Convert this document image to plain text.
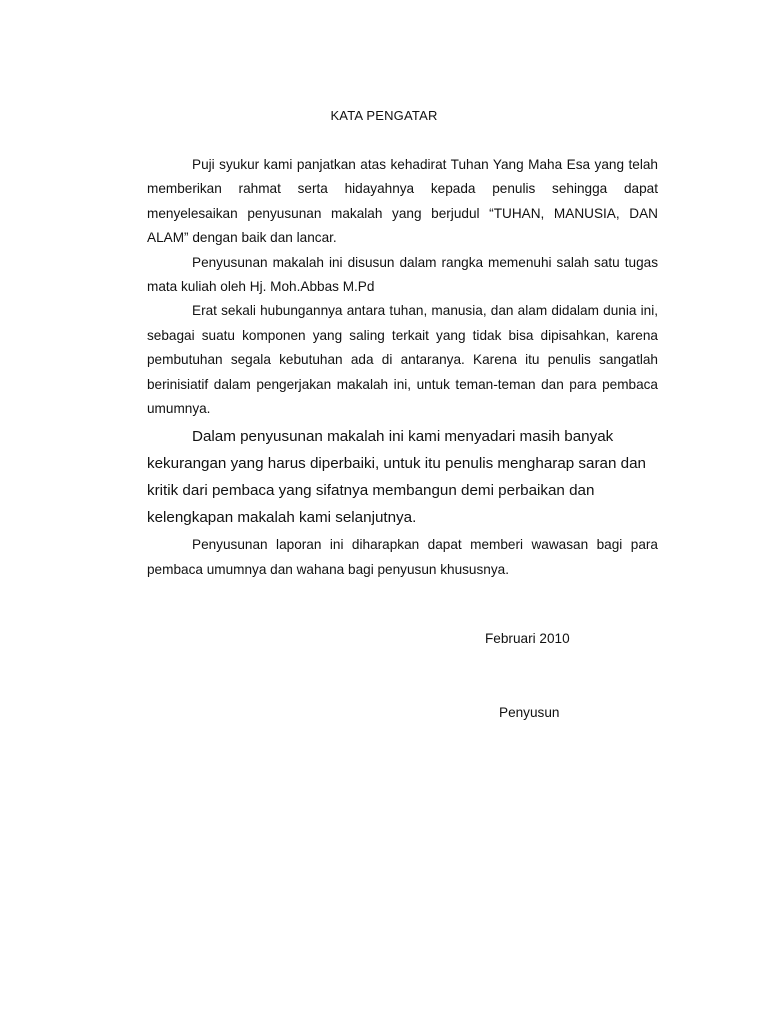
KATA PENGATAR

Puji syukur kami panjatkan atas kehadirat Tuhan Yang Maha Esa yang telah memberikan rahmat serta hidayahnya kepada penulis sehingga dapat menyelesaikan penyusunan makalah yang berjudul “TUHAN, MANUSIA, DAN ALAM” dengan baik dan lancar.

Penyusunan makalah ini disusun dalam rangka memenuhi salah satu tugas mata kuliah oleh Hj. Moh.Abbas M.Pd

Erat sekali hubungannya antara tuhan, manusia, dan alam didalam dunia ini, sebagai suatu komponen yang saling terkait yang tidak bisa dipisahkan, karena pembutuhan segala kebutuhan ada di antaranya. Karena itu penulis sangatlah berinisiatif dalam pengerjakan makalah ini, untuk teman-teman dan para pembaca umumnya.

Dalam penyusunan makalah ini kami menyadari masih banyak kekurangan yang harus diperbaiki, untuk itu penulis mengharap saran dan kritik dari pembaca yang sifatnya membangun demi perbaikan dan kelengkapan makalah kami selanjutnya.

Penyusunan laporan ini diharapkan dapat memberi wawasan bagi para pembaca umumnya dan wahana bagi penyusun khususnya.

Februari 2010
Penyusun
